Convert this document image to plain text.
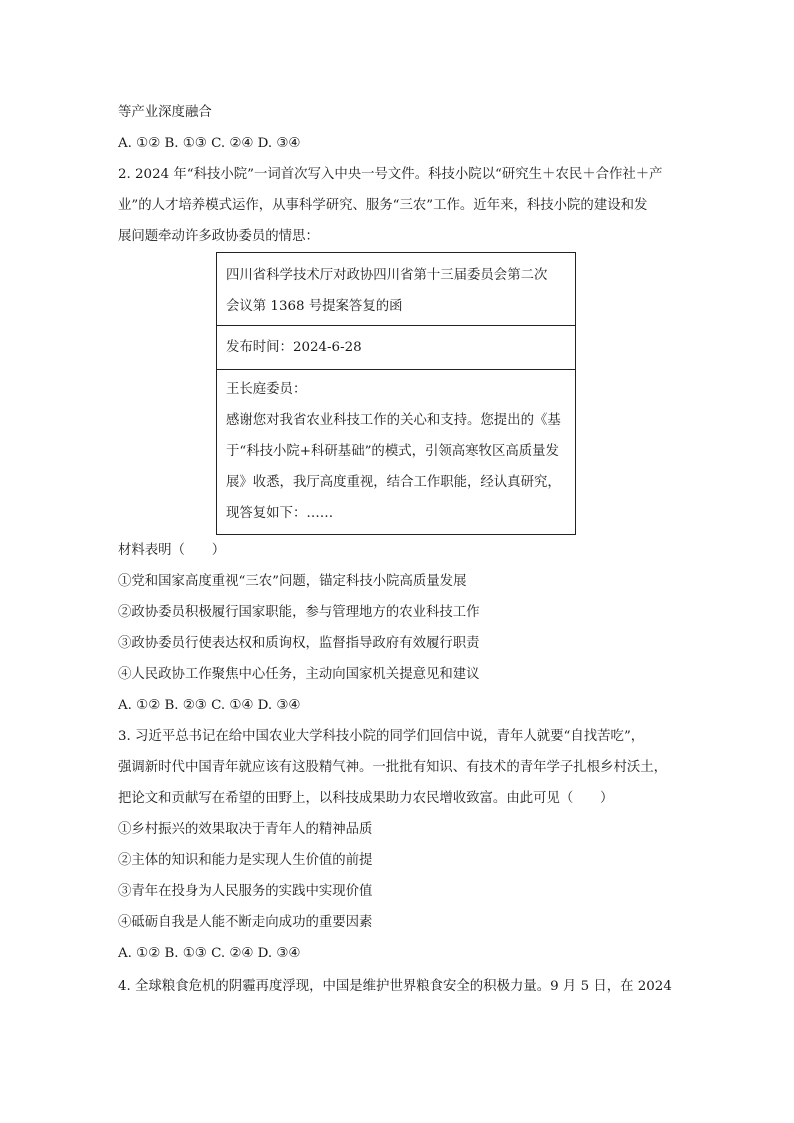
等产业深度融合
A. ①② B. ①③ C. ②④ D. ③④
2. 2024 年“科技小院”一词首次写入中央一号文件。科技小院以“研究生＋农民＋合作社＋产
业”的人才培养模式运作，从事科学研究、服务“三农”工作。近年来，科技小院的建设和发
展问题牵动许多政协委员的情思：
四川省科学技术厅对政协四川省第十三届委员会第二次
会议第 1368 号提案答复的函
发布时间：2024-6-28
王长庭委员：
感谢您对我省农业科技工作的关心和支持。您提出的《基
于“科技小院+科研基础”的模式，引领高寒牧区高质量发
展》收悉，我厅高度重视，结合工作职能，经认真研究，
现答复如下：……
材料表明（　　）
①党和国家高度重视“三农”问题，锚定科技小院高质量发展
②政协委员积极履行国家职能，参与管理地方的农业科技工作
③政协委员行使表达权和质询权，监督指导政府有效履行职责
④人民政协工作聚焦中心任务，主动向国家机关提意见和建议
A. ①② B. ②③ C. ①④ D. ③④
3. 习近平总书记在给中国农业大学科技小院的同学们回信中说，青年人就要“自找苦吃”，
强调新时代中国青年就应该有这股精气神。一批批有知识、有技术的青年学子扎根乡村沃土，
把论文和贡献写在希望的田野上，以科技成果助力农民增收致富。由此可见（　　）
①乡村振兴的效果取决于青年人的精神品质
②主体的知识和能力是实现人生价值的前提
③青年在投身为人民服务的实践中实现价值
④砥砺自我是人能不断走向成功的重要因素
A. ①② B. ①③ C. ②④ D. ③④
4. 全球粮食危机的阴霾再度浮现，中国是维护世界粮食安全的积极力量。9 月 5 日，在 2024
